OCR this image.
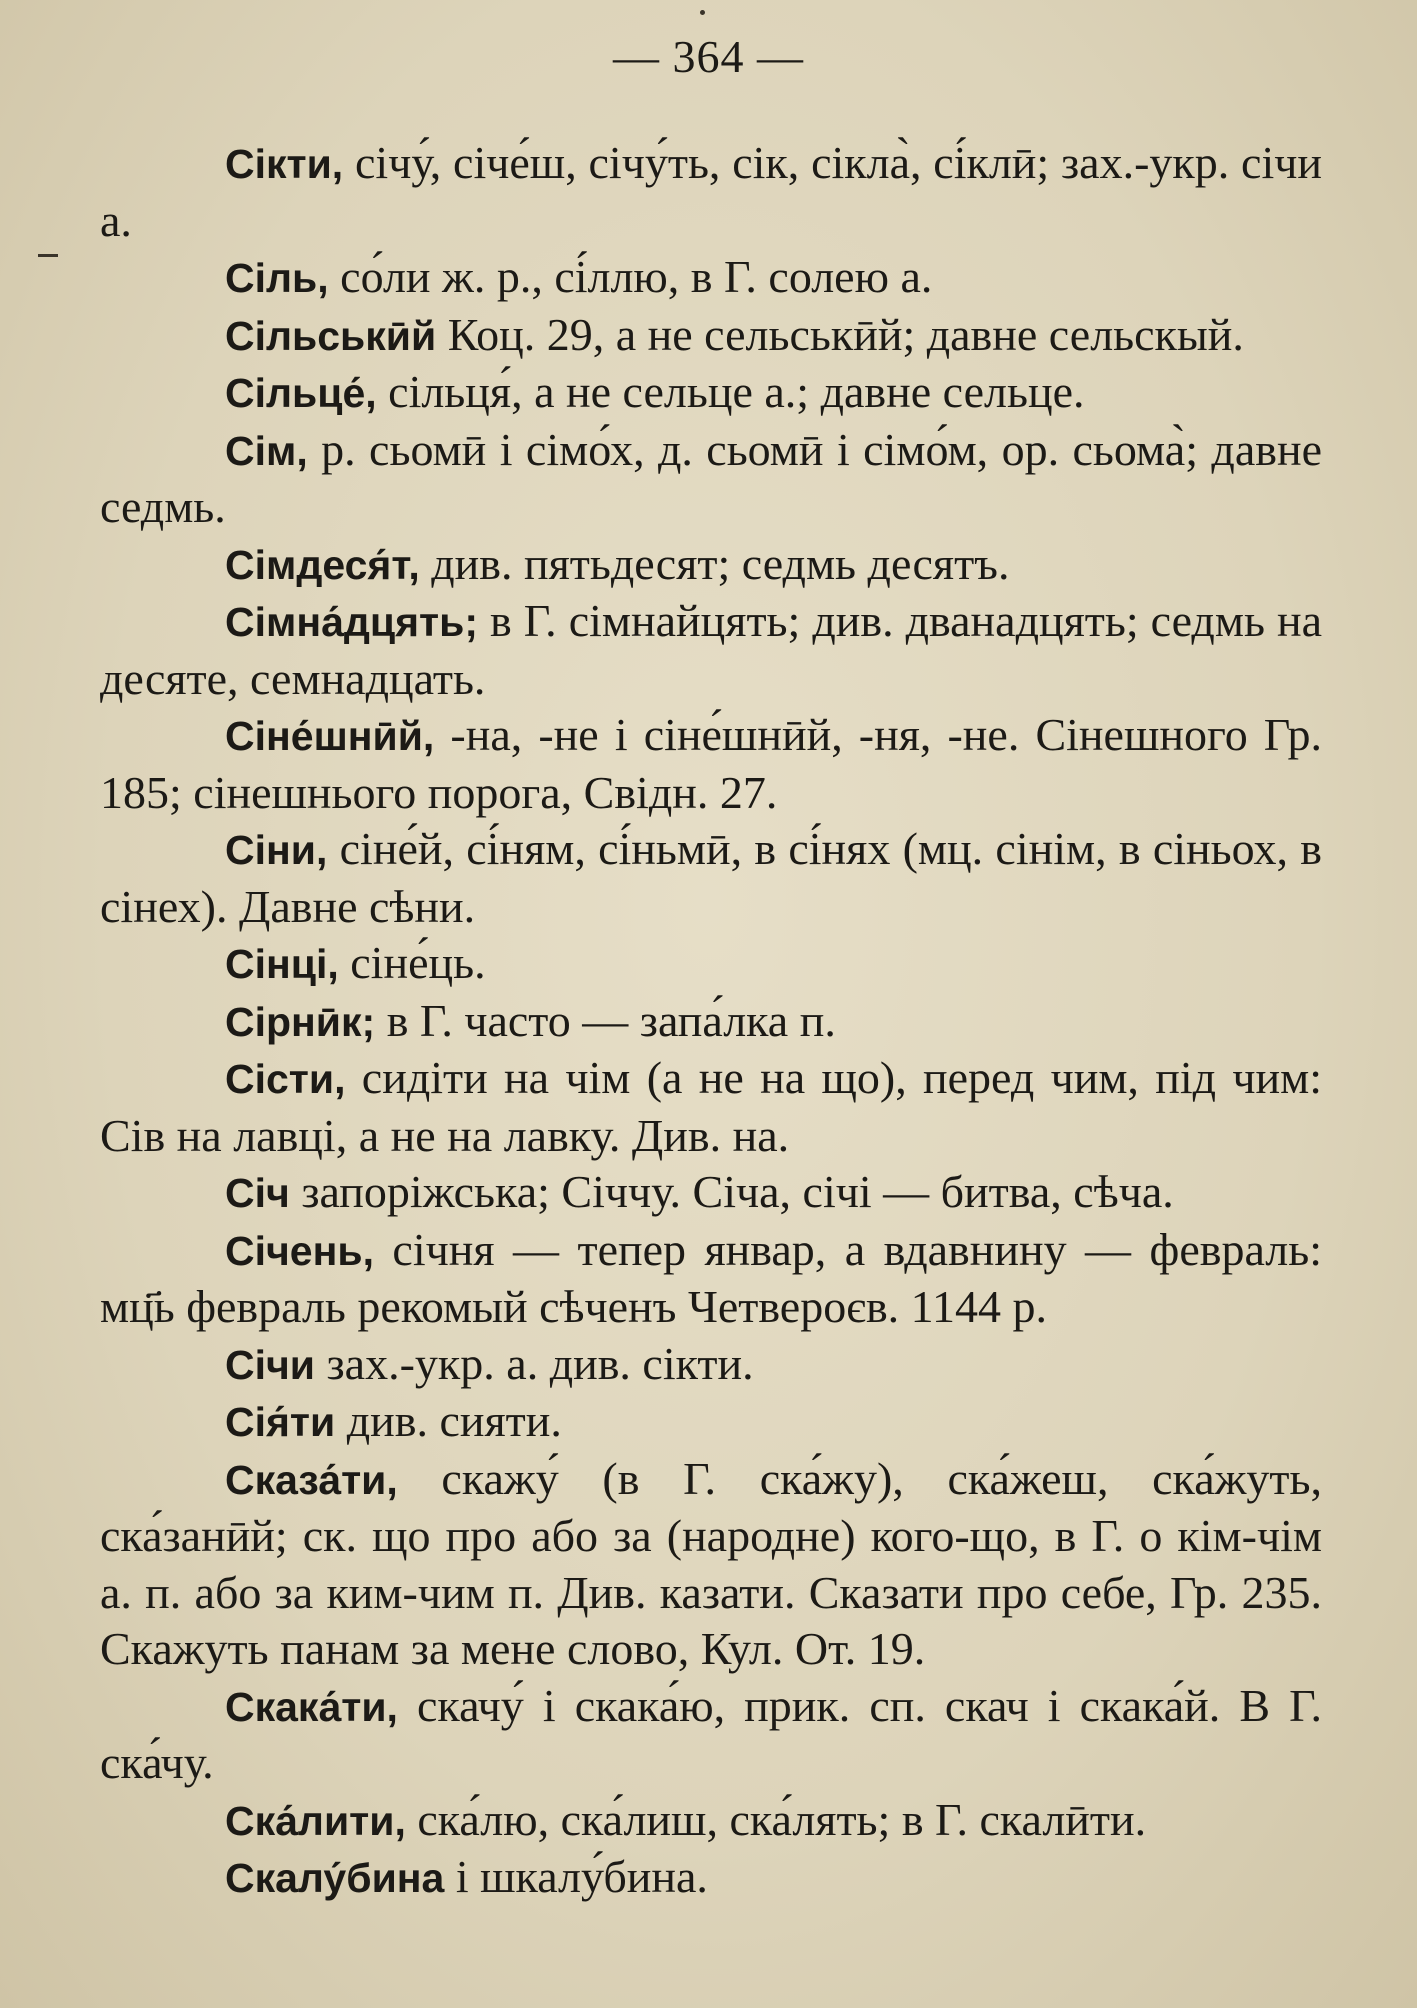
— 364 —

Сікти, січу́, січе́ш, січу́ть, сік, сікла̀, сі́клӣ; зах.-укр. січи а.

Сіль, со́ли ж. р., сі́ллю, в Г. солею а.

Сільськӣй Коц. 29, а не сельськӣй; давне сельскый.

Сільце́, сільця́, а не сельце а.; давне сельце.

Сім, р. сьомӣ і сімо́х, д. сьомӣ і сімо́м, ор. сьома̀; давне седмь.

Сімдеся́т, див. пятьдесят; седмь десятъ.

Сімна́дцять; в Г. сімнайцять; див. дванадцять; седмь на десяте, семнадцать.

Сіне́шнӣй, -на, -не і сіне́шнӣй, -ня, -не. Сінешного Гр. 185; сінешнього порога, Свідн. 27.

Сіни, сіне́й, сі́ням, сі́ньмӣ, в сі́нях (мц. сінім, в сіньох, в сінех). Давне сѣни.

Сінці, сіне́ць.

Сірнӣк; в Г. часто — запа́лка п.

Сісти, сидіти на чім (а не на що), перед чим, під чим: Сів на лавці, а не на лавку. Див. на.

Січ запоріжська; Січчу. Січа, січі — битва, сѣча.

Січень, січня — тепер январ, а вдавнину — февраль: мц҃ь февраль рекомый сѣченъ Четвероєв. 1144 р.

Січи зах.-укр. а. див. сікти.

Сія́ти див. сияти.

Сказа́ти, скажу́ (в Г. ска́жу), ска́жеш, ска́жуть, ска́занӣй; ск. що про або за (народне) кого-що, в Г. о кім-чім а. п. або за ким-чим п. Див. казати. Сказати про себе, Гр. 235. Скажуть панам за мене слово, Кул. От. 19.

Скака́ти, скачу́ і скака́ю, прик. сп. скач і скака́й. В Г. ска́чу.

Ска́лити, ска́лю, ска́лиш, ска́лять; в Г. скалӣти.

Скалу́бина і шкалу́бина.
